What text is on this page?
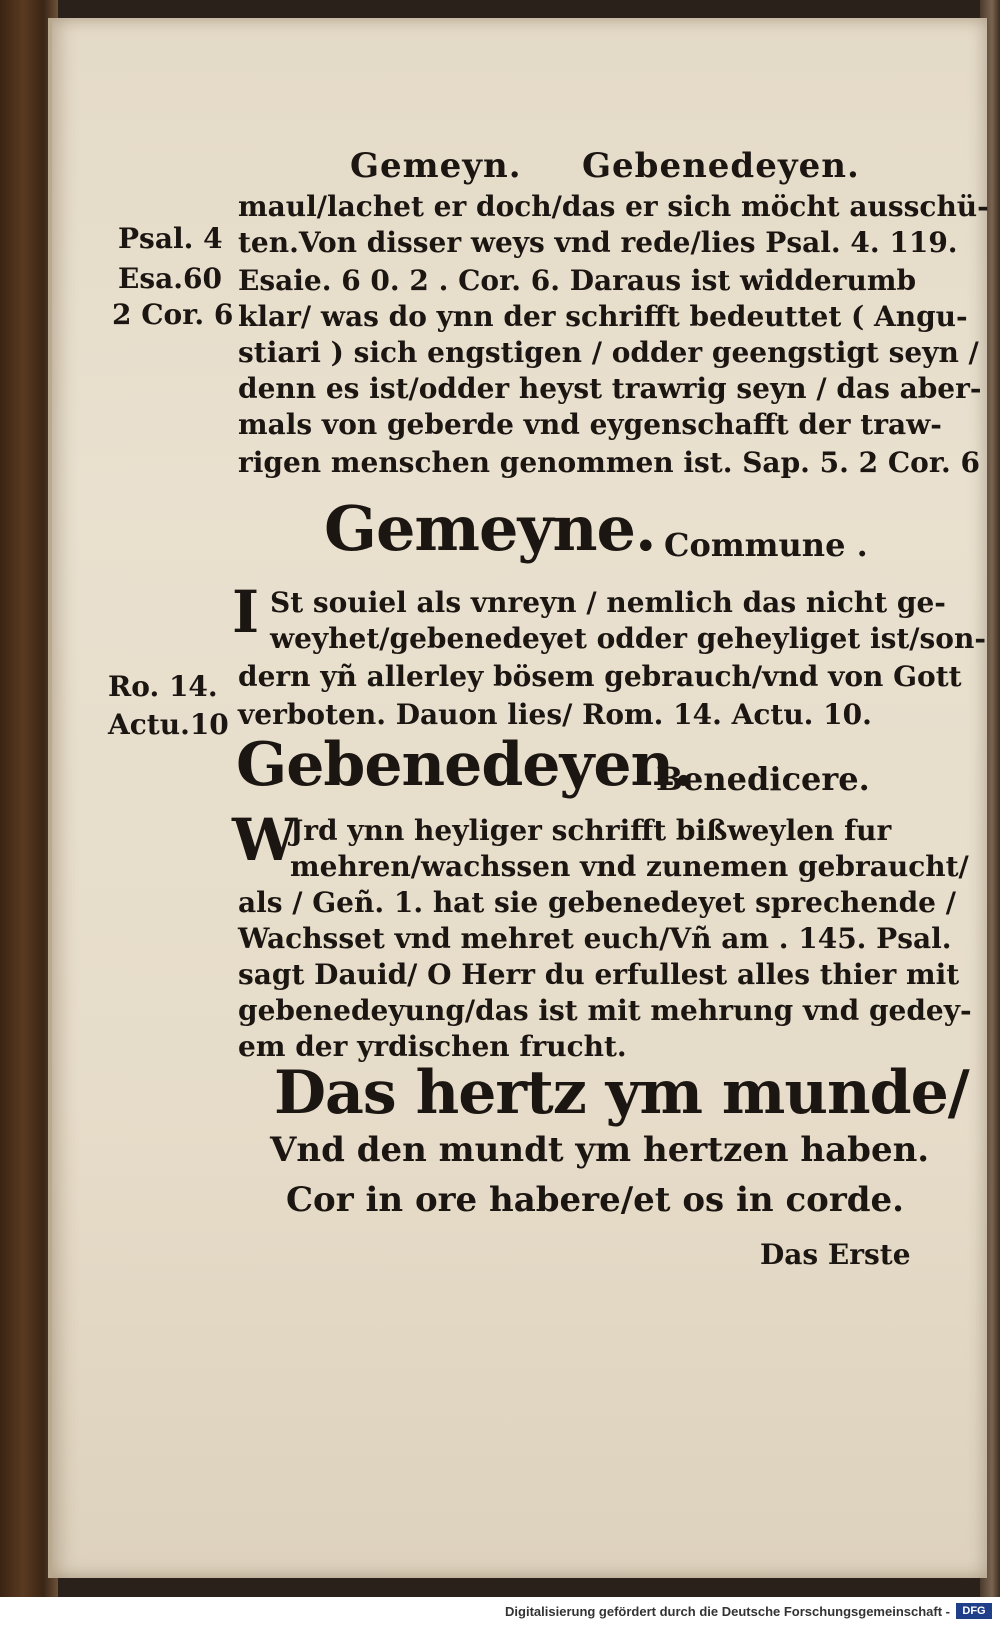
Gemeyn. Gebenedeyen.
Psal. 4
Esa.60
2 Cor. 6
Ro. 14.
Actu.10
maul/lachet er doch/das er sich möcht ausschü-
ten.Von disser weys vnd rede/lies Psal. 4. 119.
Esaie. 6 0. 2 . Cor. 6. Daraus ist widderumb
klar/ was do ynn der schrifft bedeuttet ( Angu-
stiari ) sich engstigen / odder geengstigt seyn /
denn es ist/odder heyst trawrig seyn / das aber-
mals von geberde vnd eygenschafft der traw-
rigen menschen genommen ist. Sap. 5. 2 Cor. 6
Gemeyne. Commune .
I St souiel als vnreyn / nemlich das nicht ge-
weyhet/gebenedeyet odder geheyliget ist/son-
dern yñ allerley bösem gebrauch/vnd von Gott
verboten. Dauon lies/ Rom. 14. Actu. 10.
Gebenedeyen.
Benedicere.
W
Jrd ynn heyliger schrifft bißweylen fur
mehren/wachssen vnd zunemen gebraucht/
als / Geñ. 1. hat sie gebenedeyet sprechende /
Wachsset vnd mehret euch/Vñ am . 145. Psal.
sagt Dauid/ O Herr du erfullest alles thier mit
gebenedeyung/das ist mit mehrung vnd gedey-
em der yrdischen frucht.
Das hertz ym munde/
Vnd den mundt ym hertzen haben.
Cor in ore habere/et os in corde.
Das Erste
Digitalisierung gefördert durch die Deutsche Forschungsgemeinschaft -	DFG
